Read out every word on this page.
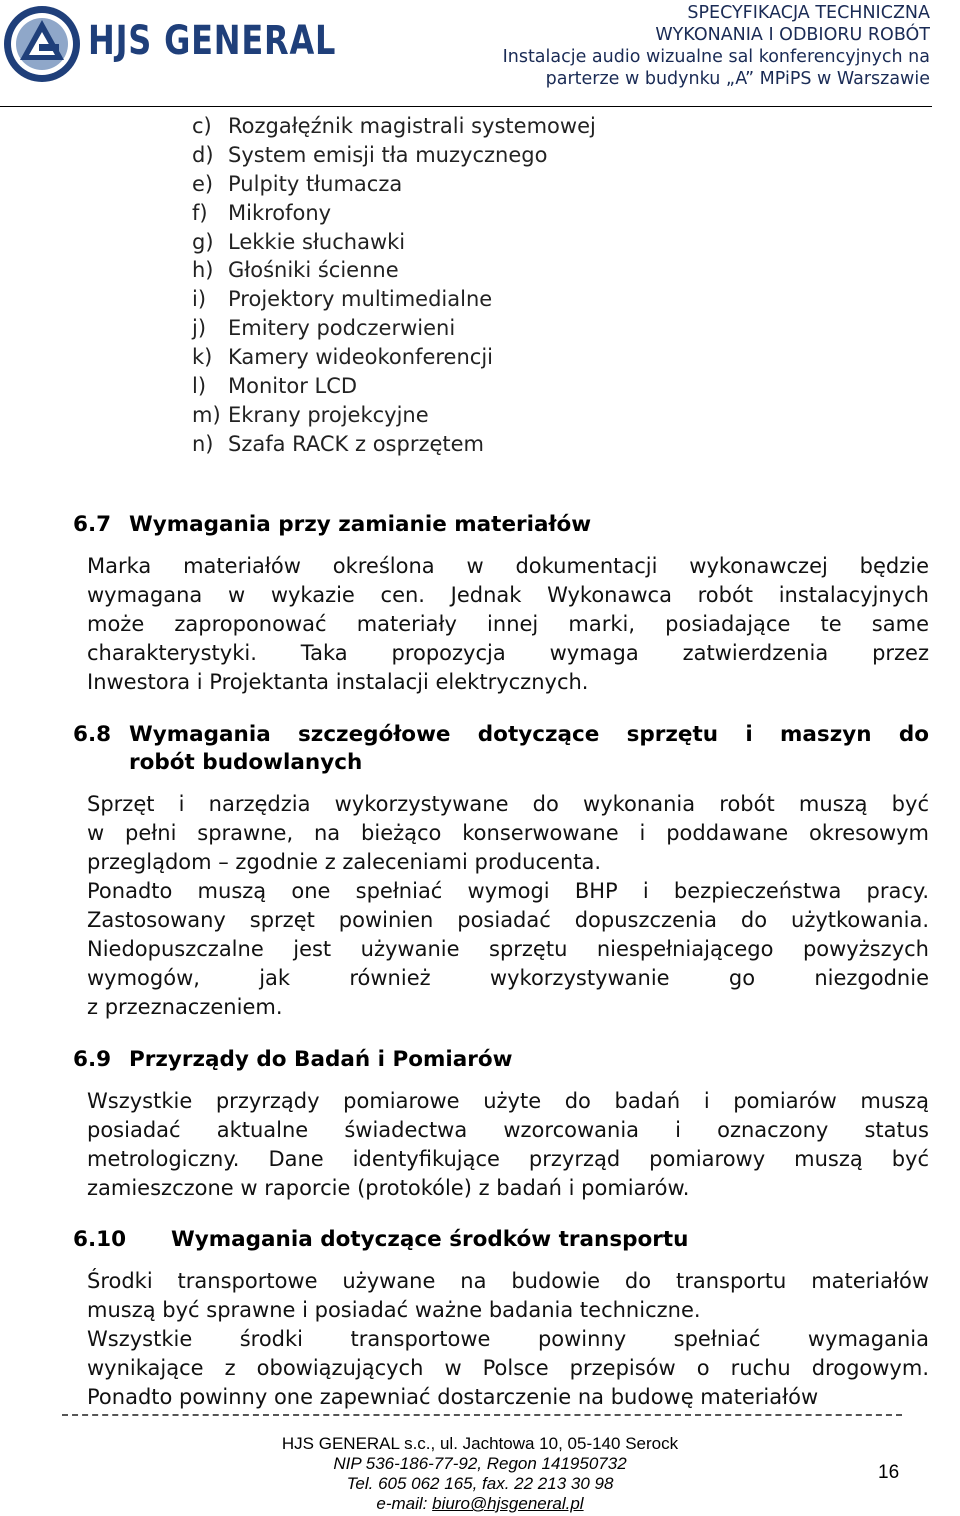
HJS GENERAL
SPECYFIKACJA TECHNICZNA
WYKONANIA I ODBIORU ROBÓT
Instalacje audio wizualne sal konferencyjnych na
parterze w budynku „A” MPiPS w Warszawie
c) Rozgałęźnik magistrali systemowej
d) System emisji tła muzycznego
e) Pulpity tłumacza
f) Mikrofony
g) Lekkie słuchawki
h) Głośniki ścienne
i) Projektory multimedialne
j) Emitery podczerwieni
k) Kamery wideokonferencji
l) Monitor LCD
m) Ekrany projekcyjne
n) Szafa RACK z osprzętem
6.7 Wymagania przy zamianie materiałów
Marka materiałów określona w dokumentacji wykonawczej będzie
wymagana w wykazie cen. Jednak Wykonawca robót instalacyjnych
może zaproponować materiały innej marki, posiadające te same
charakterystyki. Taka propozycja wymaga zatwierdzenia przez
Inwestora i Projektanta instalacji elektrycznych.
6.8 Wymagania szczegółowe dotyczące sprzętu i maszyn do
robót budowlanych
Sprzęt i narzędzia wykorzystywane do wykonania robót muszą być
w pełni sprawne, na bieżąco konserwowane i poddawane okresowym
przeglądom – zgodnie z zaleceniami producenta.
Ponadto muszą one spełniać wymogi BHP i bezpieczeństwa pracy.
Zastosowany sprzęt powinien posiadać dopuszczenia do użytkowania.
Niedopuszczalne jest używanie sprzętu niespełniającego powyższych
wymogów, jak również wykorzystywanie go niezgodnie
z przeznaczeniem.
6.9 Przyrządy do Badań i Pomiarów
Wszystkie przyrządy pomiarowe użyte do badań i pomiarów muszą
posiadać aktualne świadectwa wzorcowania i oznaczony status
metrologiczny. Dane identyfikujące przyrząd pomiarowy muszą być
zamieszczone w raporcie (protokóle) z badań i pomiarów.
6.10 Wymagania dotyczące środków transportu
Środki transportowe używane na budowie do transportu materiałów
muszą być sprawne i posiadać ważne badania techniczne.
Wszystkie środki transportowe powinny spełniać wymagania
wynikające z obowiązujących w Polsce przepisów o ruchu drogowym.
Ponadto powinny one zapewniać dostarczenie na budowę materiałów
HJS GENERAL s.c., ul. Jachtowa 10, 05-140 Serock
NIP 536-186-77-92, Regon 141950732
Tel. 605 062 165, fax. 22 213 30 98
e-mail: biuro@hjsgeneral.pl
16
